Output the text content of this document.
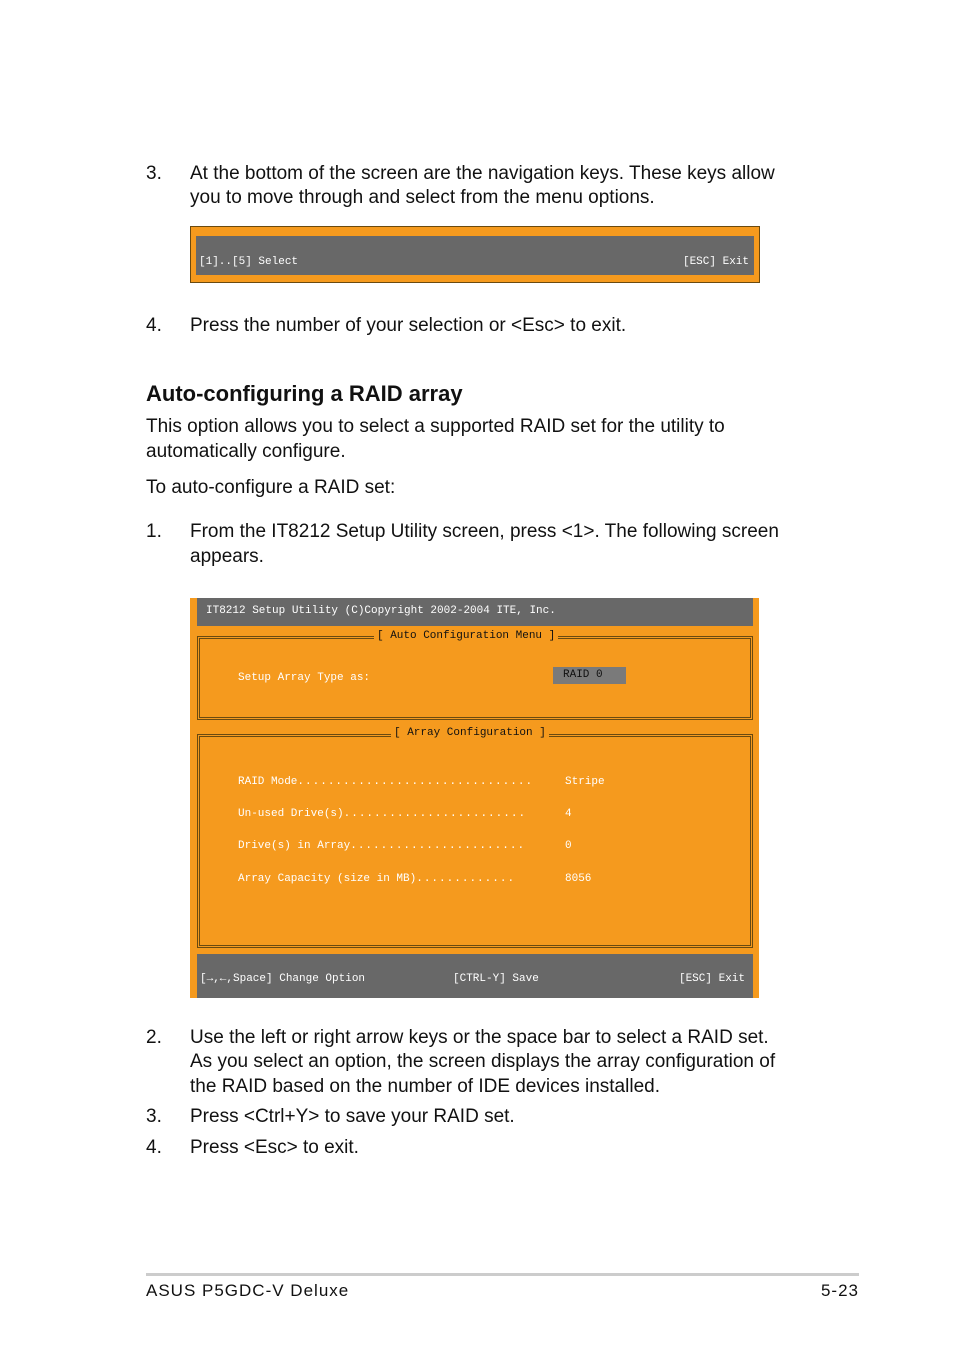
3. At the bottom of the screen are the navigation keys. These keys allow
you to move through and select from the menu options.
[1]..[5] Select	[ESC] Exit
4. Press the number of your selection or <Esc> to exit.
Auto-configuring a RAID array
This option allows you to select a supported RAID set for the utility to
automatically configure.
To auto-configure a RAID set:
1. From the IT8212 Setup Utility screen, press <1>. The following screen
appears.
IT8212 Setup Utility (C)Copyright 2002-2004 ITE, Inc.
RAID 0
Setup Array Type as:
[ Auto Configuration Menu ]
RAID Mode...............................	Stripe
Un-used Drive(s)........................	4
Drive(s) in Array.......................	0
Array Capacity (size in MB).............	8056
[ Array Configuration ]
[→,←,Space] Change Option	[CTRL-Y] Save	[ESC] Exit
2. Use the left or right arrow keys or the space bar to select a RAID set.
As you select an option, the screen displays the array configuration of
the RAID based on the number of IDE devices installed.
3. Press <Ctrl+Y> to save your RAID set.
4. Press <Esc> to exit.
ASUS P5GDC-V Deluxe	5-23
